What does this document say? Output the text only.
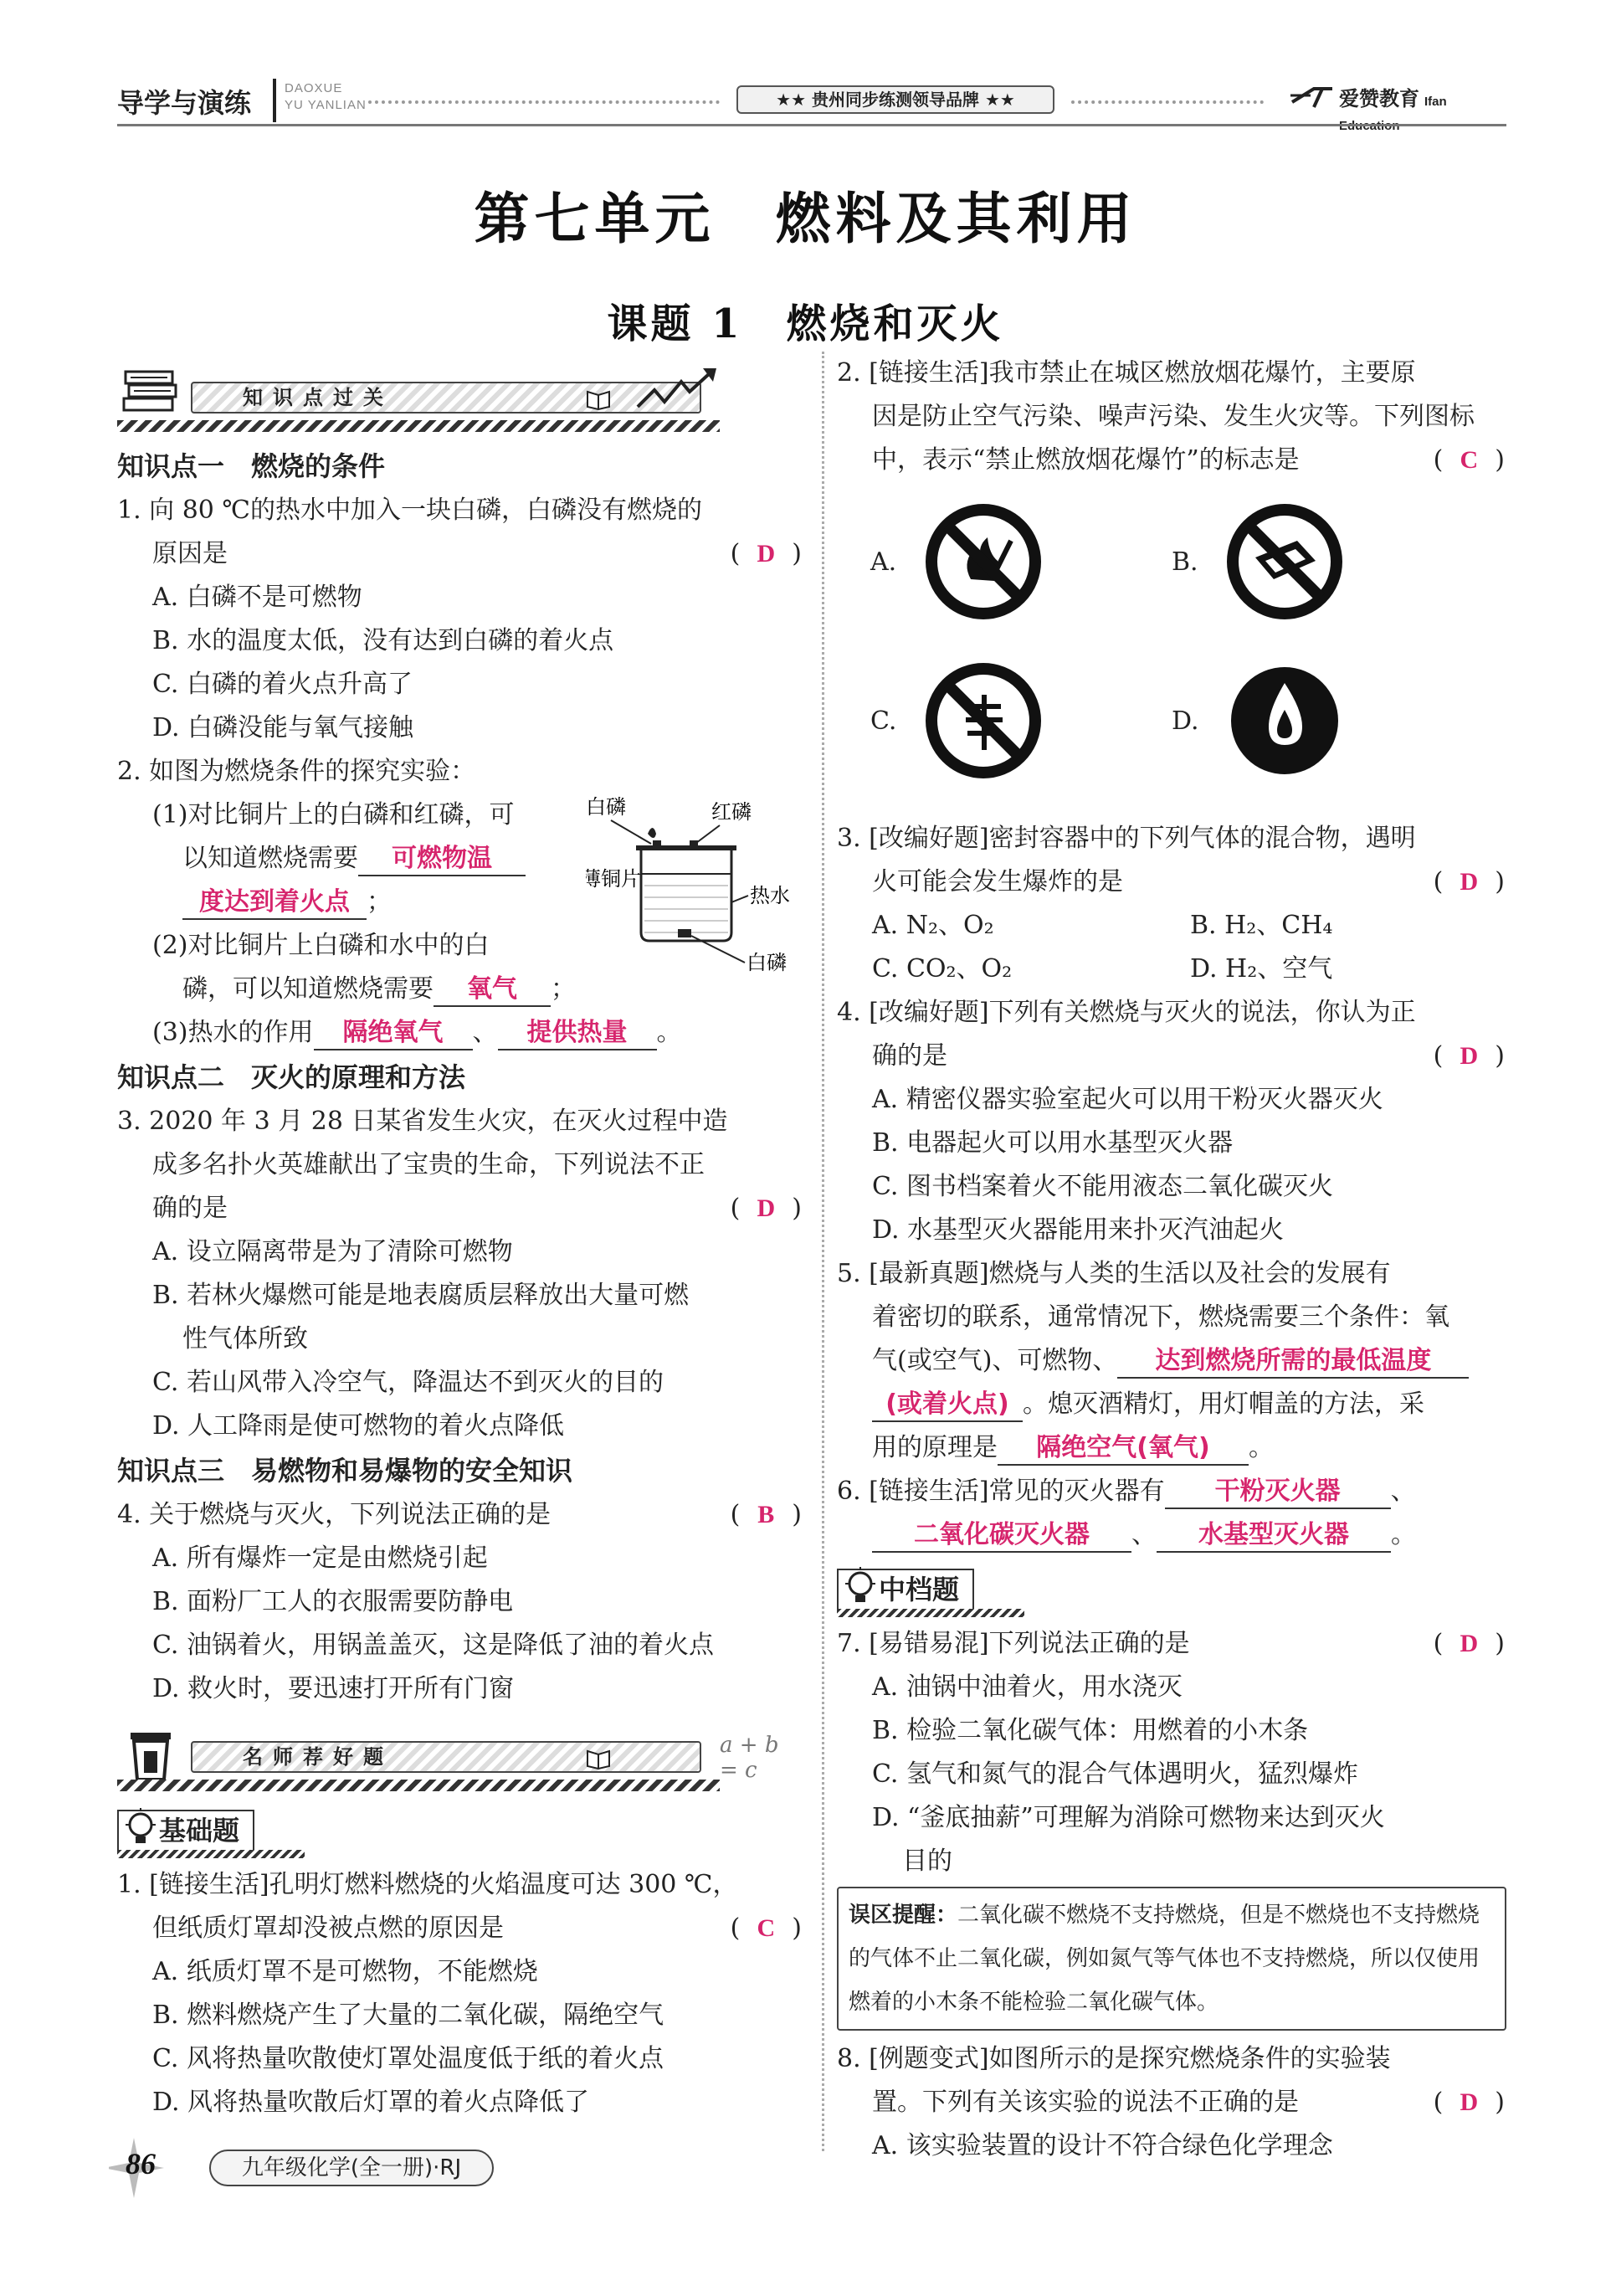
导学与演练	DAOXUE
YU YANLIAN	★★ 贵州同步练测领导品牌 ★★	爱赞教育 Ifan
第七单元　燃料及其利用
课题 1　燃烧和灭火
知识点过关
知识点一　燃烧的条件
1. 向 80 ℃的热水中加入一块白磷，白磷没有燃烧的
原因是	( D )
A. 白磷不是可燃物
B. 水的温度太低，没有达到白磷的着火点
C. 白磷的着火点升高了
D. 白磷没能与氧气接触
2. 如图为燃烧条件的探究实验：
(1)对比铜片上的白磷和红磷，可
以知道燃烧需要 可燃物温
度达到着火点 ；
(2)对比铜片上白磷和水中的白
磷，可以知道燃烧需要 氧气 ；
(3)热水的作用 隔绝氧气 、 提供热量 。
白磷	红磷
薄铜片
热水
白磷
知识点二　灭火的原理和方法
3. 2020 年 3 月 28 日某省发生火灾，在灭火过程中造
成多名扑火英雄献出了宝贵的生命，下列说法不正
确的是	( D )
A. 设立隔离带是为了清除可燃物
B. 若林火爆燃可能是地表腐质层释放出大量可燃
性气体所致
C. 若山风带入冷空气，降温达不到灭火的目的
D. 人工降雨是使可燃物的着火点降低
知识点三　易燃物和易爆物的安全知识
4. 关于燃烧与灭火，下列说法正确的是	( B )
A. 所有爆炸一定是由燃烧引起
B. 面粉厂工人的衣服需要防静电
C. 油锅着火，用锅盖盖灭，这是降低了油的着火点
D. 救火时，要迅速打开所有门窗
名师荐好题	a + b = c
基础题
1. [链接生活]孔明灯燃料燃烧的火焰温度可达 300 ℃，
但纸质灯罩却没被点燃的原因是	( C )
A. 纸质灯罩不是可燃物，不能燃烧
B. 燃料燃烧产生了大量的二氧化碳，隔绝空气
C. 风将热量吹散使灯罩处温度低于纸的着火点
D. 风将热量吹散后灯罩的着火点降低了
2. [链接生活]我市禁止在城区燃放烟花爆竹，主要原
因是防止空气污染、噪声污染、发生火灾等。下列图标
中，表示“禁止燃放烟花爆竹”的标志是	( C )
A.	B.
C.	D.
3. [改编好题]密封容器中的下列气体的混合物，遇明
火可能会发生爆炸的是	( D )
A. N₂、O₂	B. H₂、CH₄
C. CO₂、O₂	D. H₂、空气
4. [改编好题]下列有关燃烧与灭火的说法，你认为正
确的是	( D )
A. 精密仪器实验室起火可以用干粉灭火器灭火
B. 电器起火可以用水基型灭火器
C. 图书档案着火不能用液态二氧化碳灭火
D. 水基型灭火器能用来扑灭汽油起火
5. [最新真题]燃烧与人类的生活以及社会的发展有
着密切的联系，通常情况下，燃烧需要三个条件：氧
气(或空气)、可燃物、 达到燃烧所需的最低温度
(或着火点) 。熄灭酒精灯，用灯帽盖的方法，采
用的原理是 隔绝空气(氧气) 。
6. [链接生活]常见的灭火器有 干粉灭火器 、
二氧化碳灭火器 、 水基型灭火器 。
中档题
7. [易错易混]下列说法正确的是	( D )
A. 油锅中油着火，用水浇灭
B. 检验二氧化碳气体：用燃着的小木条
C. 氢气和氮气的混合气体遇明火，猛烈爆炸
D. “釜底抽薪”可理解为消除可燃物来达到灭火
目的
误区提醒：二氧化碳不燃烧不支持燃烧，但是不燃烧也不支持燃烧的气体不止二氧化碳，例如氮气等气体也不支持燃烧，所以仅使用燃着的小木条不能检验二氧化碳气体。
8. [例题变式]如图所示的是探究燃烧条件的实验装
置。下列有关该实验的说法不正确的是	( D )
A. 该实验装置的设计不符合绿色化学理念
86	九年级化学(全一册)·RJ
